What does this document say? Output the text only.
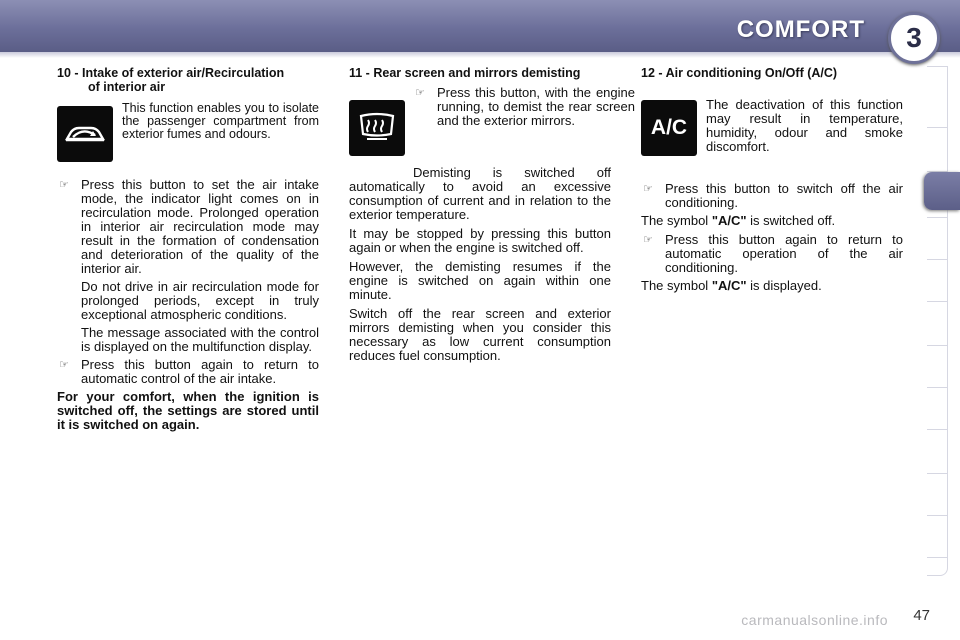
COMFORT	3
10 - Intake of exterior air/Recirculation
of interior air
This function enables you to isolate the passenger compartment from exterior fumes and odours.
☞ Press this button to set the air intake mode, the indicator light comes on in recirculation mode. Prolonged operation in interior air recirculation mode may result in the formation of condensation and deterioration of the quality of the interior air.
Do not drive in air recirculation mode for prolonged periods, except in truly exceptional atmospheric conditions.
The message associated with the control is displayed on the multifunction display.
☞ Press this button again to return to automatic control of the air intake.
For your comfort, when the ignition is switched off, the settings are stored until it is switched on again.
11 - Rear screen and mirrors demisting
☞ Press this button, with the engine running, to demist the rear screen and the exterior mirrors.
Demisting is switched off automatically to avoid an excessive consumption of current and in relation to the exterior temperature.
It may be stopped by pressing this button again or when the engine is switched off.
However, the demisting resumes if the engine is switched on again within one minute.
Switch off the rear screen and exterior mirrors demisting when you consider this necessary as low current consumption reduces fuel consumption.
12 - Air conditioning On/Off (A/C)
A/C
The deactivation of this function may result in temperature, humidity, odour and smoke discomfort.
☞ Press this button to switch off the air conditioning.
The symbol "A/C" is switched off.
☞ Press this button again to return to automatic operation of the air conditioning.
The symbol "A/C" is displayed.
carmanualsonline.info 47
